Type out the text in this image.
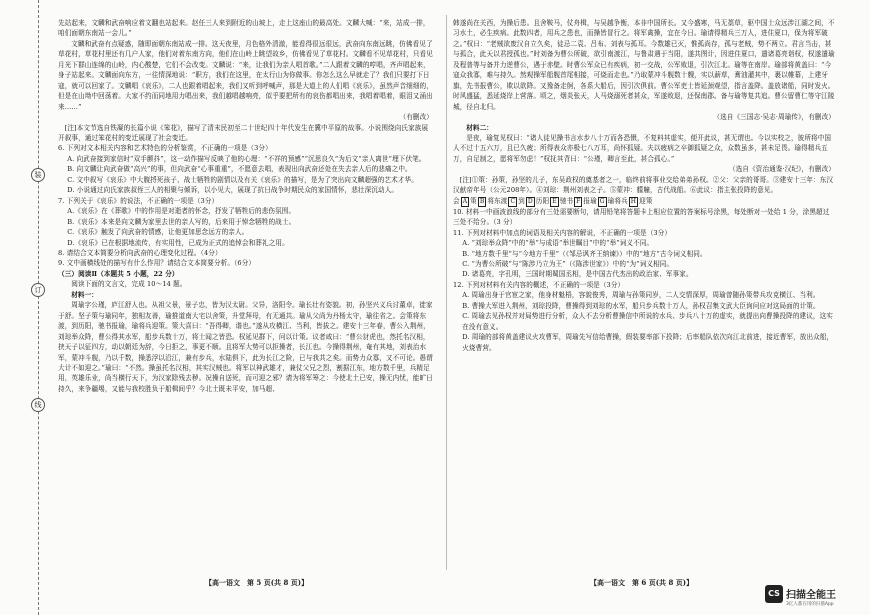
装
订
线

先站起来，文麟和武奋响应着文翻也站起来。赵任三人来到附近的山坡上，走上这座山的最高处。文麟大喊：“来，站成一排，咱们面朝东南站一会儿。”

文麟和武奋有点疑惑，随即面朝东南站成一排。这天夜里，月色格外清澈，能看得很远很远，武奋向东南远眺，仿佛看见了草花村，草花村里还有几户人家，他们对着东南方向，他们在山岭上眺望故乡，仿佛看见了草花村。文麟看不见草花村，只看见月光下群山连绵的山岭，内心酸楚，它们不会改变。文麟说：“来，让我们为亲人唱首歌。”二人跟着文麟的哼唱，齐声唱起来，身子站起来。文麟面向东方，一往情深地说：“职方，我们在这里，在太行山为你做事。你怎么这么早就走了？我们只要打下日寇，就可以回家了。文麟唱《哀乐》，二人也跟着唱起来，我们又听到呼喊声，那是大道上的人们唱《哀乐》，虽然声音细细的，但是在山坳中回荡着。大家不约而同地用力唱出来，我们越唱越响亮，似乎要把所有的哀伤都唱出来，我唱着唱着，眼泪又涌出来……”

（有删改）

　[注]本文节选自铁凝的长篇小说《笨花》，描写了清末民初至二十世纪四十年代发生在冀中平原的故事。小说围绕向氏家族展开叙事，通过笨花村的变迁展现了社会变迁。

6. 下列对文本相关内容和艺术特色的分析鉴赏，不正确的一项是（3分）

A. 向武奋接到家信时“双手颤抖”，这一动作描写反映了他的心理：“不祥的预感”“沉思良久”为后文“亲人离世”埋下伏笔。

B. 向文麟让向武奋做“高兴”的事，但向武奋“心事重重”，不愿意去唱，表现出向武奋还处在失去亲人后的悲痛之中。

C. 文中叙写《哀乐》中大腹捋死孩子、战士牺牲的剧情以及有关《哀乐》的描写，是为了突出向文麟超强的艺术才华。

D. 小说通过向氏家族叔侄三人的相聚与倾诉，以小见大，展现了抗日战争时期民众的家国情怀，悲壮深沉动人。

7. 下列关于《哀乐》的说法，不正确的一项是（3分）

A.《哀乐》在《葬歌》中的作用是对逝者的怀念，抒发了牺牲后的悲伤氛围。

B.《哀乐》本来是向文麟为家里去世的亲人写的，后来用于悼念牺牲的战士。

C.《哀乐》触发了向武奋的情感，让他更加思念远方的亲人。

D.《哀乐》已在根据地流传，有实用性，已成为正式的追悼会和葬礼之用。

8. 请结合文本简要分析向武奋的心理变化过程。（4分）

9. 文中画横线处的描写有什么作用？请结合文本简要分析。（6分）

（三）阅读Ⅱ（本题共 5 小题，22 分）

阅读下面的文言文，完成 10～14 题。

材料一：

周瑜字公瑾，庐江舒人也。从祖父景，景子忠，皆为汉太尉。父异，洛阳令。瑜长壮有姿貌。初，孙坚兴义兵讨董卓，徙家于舒。坚子策与瑜同年，独相友善，瑜推道南大宅以舍策，升堂拜母，有无通共。瑜从父尚为丹杨太守，瑜往省之。会策将东渡，到历阳，驰书报瑜，瑜将兵迎策。策大喜曰：“吾得卿，谐也。”遂从攻横江、当利，皆拔之。建安十三年春，曹公入荆州，刘琮举众降，曹公得其水军，船步兵数十万，将士闻之皆恐。权延见群下，问以计策。议者咸曰：“曹公豺虎也，然托名汉相，挟天子以征四方，动以朝廷为辞，今日拒之，事更不顺。且将军大势可以拒操者，长江也。今操得荆州，奄有其地，刘表治水军，蒙冲斗舰，乃以千数，操悉浮以沿江，兼有步兵，水陆俱下，此为长江之险，已与我共之矣。而势力众寡，又不可论。愚谓大计不如迎之。”瑜曰：“不然。操虽托名汉相，其实汉贼也。将军以神武雄才，兼仗父兄之烈，割据江东，地方数千里，兵精足用，英雄乐业，尚当横行天下，为汉家除残去秽。况操自送死，而可迎之邪？请为将军筹之：今使北土已安，操无内忧，能旷日持久，来争疆埸，又能与我校胜负于船楫间乎？今北土既未平安，加马超、

韩遂尚在关西，为操后患。且舍鞍马，仗舟楫，与吴越争衡，本非中国所长。又今盛寒，马无藁草，驱中国士众远涉江湖之间，不习水土，必生疾病。此数四者，用兵之患也，而操皆冒行之。将军禽操，宜在今日。瑜请得精兵三万人，进住夏口，保为将军破之。”权曰：“老贼欲废汉自立久矣，徒忌二袁、吕布、刘表与孤耳。今数雄已灭，惟孤尚存，孤与老贼，势不两立。君言当击，甚与孤合，此天以君授孤也。”时刘备为曹公所破，欲引南渡江，与鲁肃遇于当阳，遂共图计，因进住夏口，遣诸葛亮诣权，权遂遣瑜及程普等与备并力逆曹公，遇于赤壁。时曹公军众已有疾病，初一交战，公军败退，引次江北。瑜等在南岸。瑜部将黄盖曰：“今寇众我寡，难与持久。然观操军船舰首尾相接，可烧而走也。”乃取蒙冲斗舰数十艘，实以薪草，膏油灌其中，裹以帷幕，上建牙旗，先书报曹公，欺以欲降。又豫备走舸，各系大船后，因引次俱前。曹公军吏士皆延颈观望，指言盖降。盖放诸船，同时发火。时风盛猛，悉延烧岸上营落。顷之，烟炎张天，人马烧溺死者甚众，军遂败退，还保南郡。备与瑜等复共追。曹公留曹仁等守江陵城，径自北归。

（选自《三国志·吴志·周瑜传》，有删改）

材料二：

是夜，瑜复见权曰：“诸人徒见操书言水步八十万而各恐慑，不复料其虚实，便开此议，甚无谓也。今以实校之，彼所将中国人不过十五六万，且已久疲；所得表众亦极七八万耳，尚怀狐疑。夫以疲病之卒御狐疑之众，众数虽多，甚未足畏。瑜得精兵五万，自足制之，愿将军勿虑！”权抚其背曰：“公瑾，卿言至此，甚合孤心。”

（选自《资治通鉴·汉纪》，有删改）

　[注]①策：孙策，孙坚的儿子，东吴政权的奠基者之一，临终前将事业交给弟弟孙权。②父：父亲的哥哥。③建安十三年：东汉汉献帝年号（公元208年）。④刘琮：荆州刘表之子。⑤蒙冲：艨艟，古代战船。⑥此议：指主张投降的意见。

会 A 策 B 将东渡 C 到 D 历阳 E 驰书 F 报瑜 G 瑜将兵 H 迎策

10. 材料一中画波浪线的部分有三处需要断句，请用铅笔将答题卡上相应位置的答案标号涂黑，每处断对一处给 1 分，涂黑超过三处不给分。（3 分）

11. 下列对材料中加点的词语及相关内容的解说，不正确的一项是（3分）

A. “刘琮举众降”中的“举”与成语“举世瞩目”中的“举”词义不同。

B. “地方数千里”与“今地方千里”（《邹忌讽齐王纳谏》）中的“地方”古今词义相同。

C. “为曹公所破”与“陈涉乃立为王”（《陈涉世家》）中的“为”词义相同。

D. 诸葛亮，字孔明，三国时期蜀国丞相，是中国古代杰出的政治家、军事家。

12. 下列对材料有关内容的概述，不正确的一项是（3分）

A. 周瑜出身于官宦之家，他身材魁梧，容貌俊秀，周瑜与孙策同岁，二人交情深厚，周瑜曾随孙策带兵攻克横江、当利。

B. 曹操大军进入荆州，刘琮投降，曹操得到刘琮的水军，船只步兵数十万人，孙权召集文武大臣询问应对这局面的计策。

C. 周瑜去见孙权并对局势进行分析，众人不去分析曹操信中所说的水兵、步兵八十万的虚实，就提出向曹操投降的建议，这实在没有意义。

D. 周瑜的部将黄盖建议火攻曹军，周瑜先写信给曹操，假装要率部下投降；后率船队依次向江北前进，接近曹军，放出众船，火烧曹营。

【高一语文　第 5 页(共 8 页)】	【高一语文　第 6 页(共 8 页)】
CS 扫描全能王
3亿人都在用的扫描App
